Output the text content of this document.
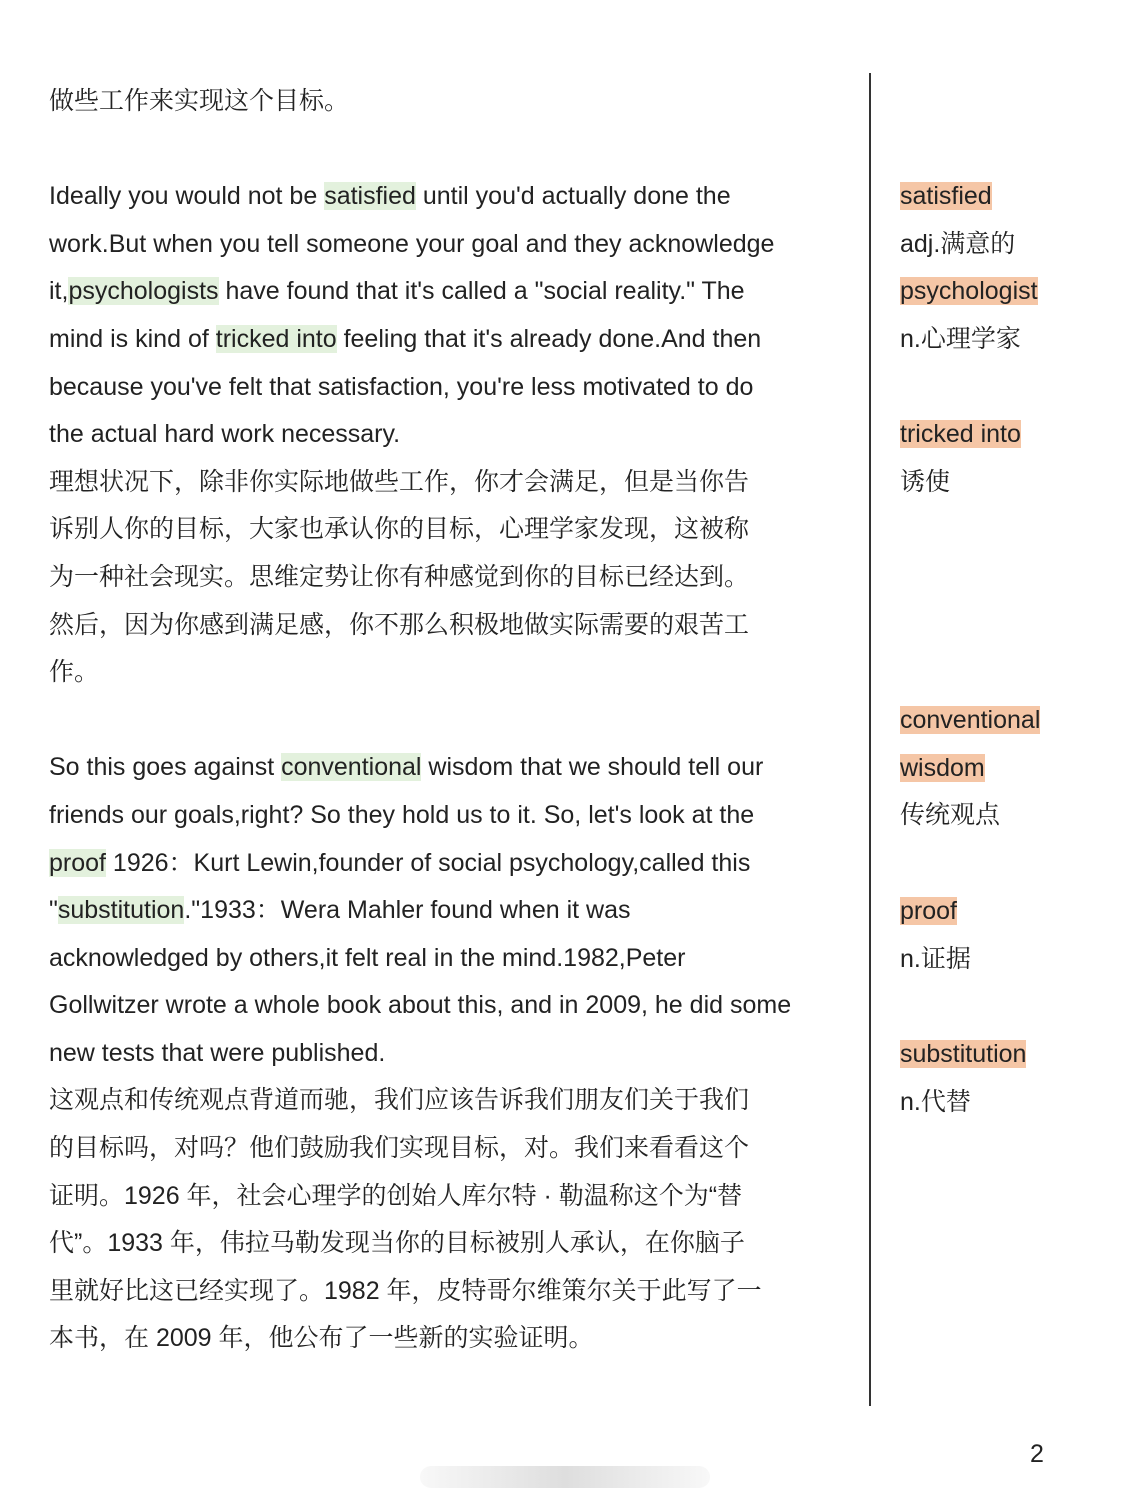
做些工作来实现这个目标。
Ideally you would not be satisfied until you'd actually done the
work.But when you tell someone your goal and they acknowledge
it,psychologists have found that it's called a "social reality." The
mind is kind of tricked into feeling that it's already done.And then
because you've felt that satisfaction, you're less motivated to do
the actual hard work necessary.
理想状况下，除非你实际地做些工作，你才会满足，但是当你告
诉别人你的目标，大家也承认你的目标，心理学家发现，这被称
为一种社会现实。思维定势让你有种感觉到你的目标已经达到。
然后，因为你感到满足感，你不那么积极地做实际需要的艰苦工
作。
So this goes against conventional wisdom that we should tell our
friends our goals,right? So they hold us to it. So, let's look at the
proof 1926：Kurt Lewin,founder of social psychology,called this
"substitution."1933：Wera Mahler found when it was
acknowledged by others,it felt real in the mind.1982,Peter
Gollwitzer wrote a whole book about this, and in 2009, he did some
new tests that were published.
这观点和传统观点背道而驰，我们应该告诉我们朋友们关于我们
的目标吗，对吗？他们鼓励我们实现目标，对。我们来看看这个
证明。1926 年，社会心理学的创始人库尔特 · 勒温称这个为“替
代”。1933 年，伟拉马勒发现当你的目标被别人承认，在你脑子
里就好比这已经实现了。1982 年，皮特哥尔维策尔关于此写了一
本书，在 2009 年，他公布了一些新的实验证明。
satisfied
adj.满意的
psychologist
n.心理学家
tricked into
诱使
conventional
wisdom
传统观点
proof
n.证据
substitution
n.代替
2
